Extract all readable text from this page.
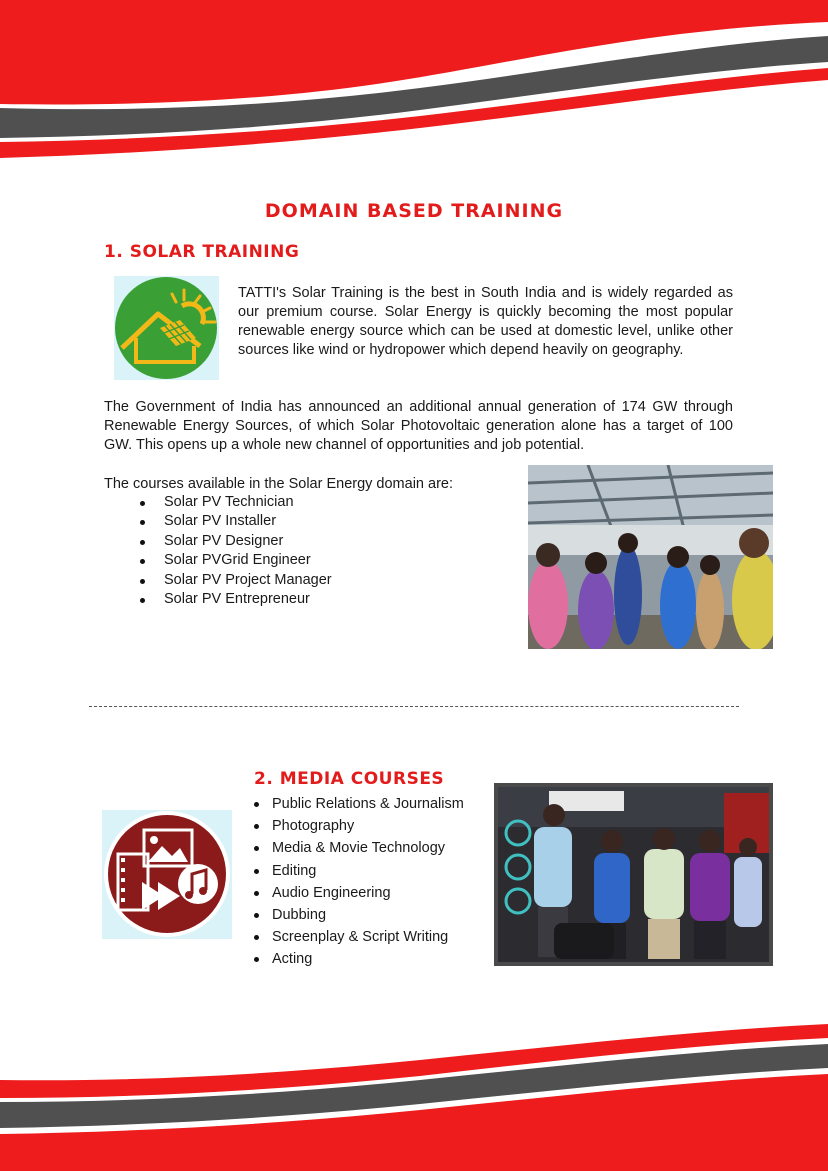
DOMAIN BASED TRAINING
1. SOLAR TRAINING
TATTI's Solar Training is the best in South India and is widely regarded as our premium course. Solar Energy is quickly becoming the most popular renewable energy source which can be used at domestic level, unlike other sources like wind or hydropower which depend heavily on geography.
The Government of India has announced an additional annual generation of 174 GW through Renewable Energy Sources, of which Solar Photovoltaic generation alone has a target of 100 GW. This opens up a whole new channel of opportunities and job potential.
The courses available in the Solar Energy domain are:
Solar PV Technician
Solar PV Installer
Solar PV Designer
Solar PVGrid Engineer
Solar PV Project Manager
Solar PV Entrepreneur
2. MEDIA COURSES
Public Relations & Journalism
Photography
Media & Movie Technology
Editing
Audio Engineering
Dubbing
Screenplay & Script Writing
Acting
